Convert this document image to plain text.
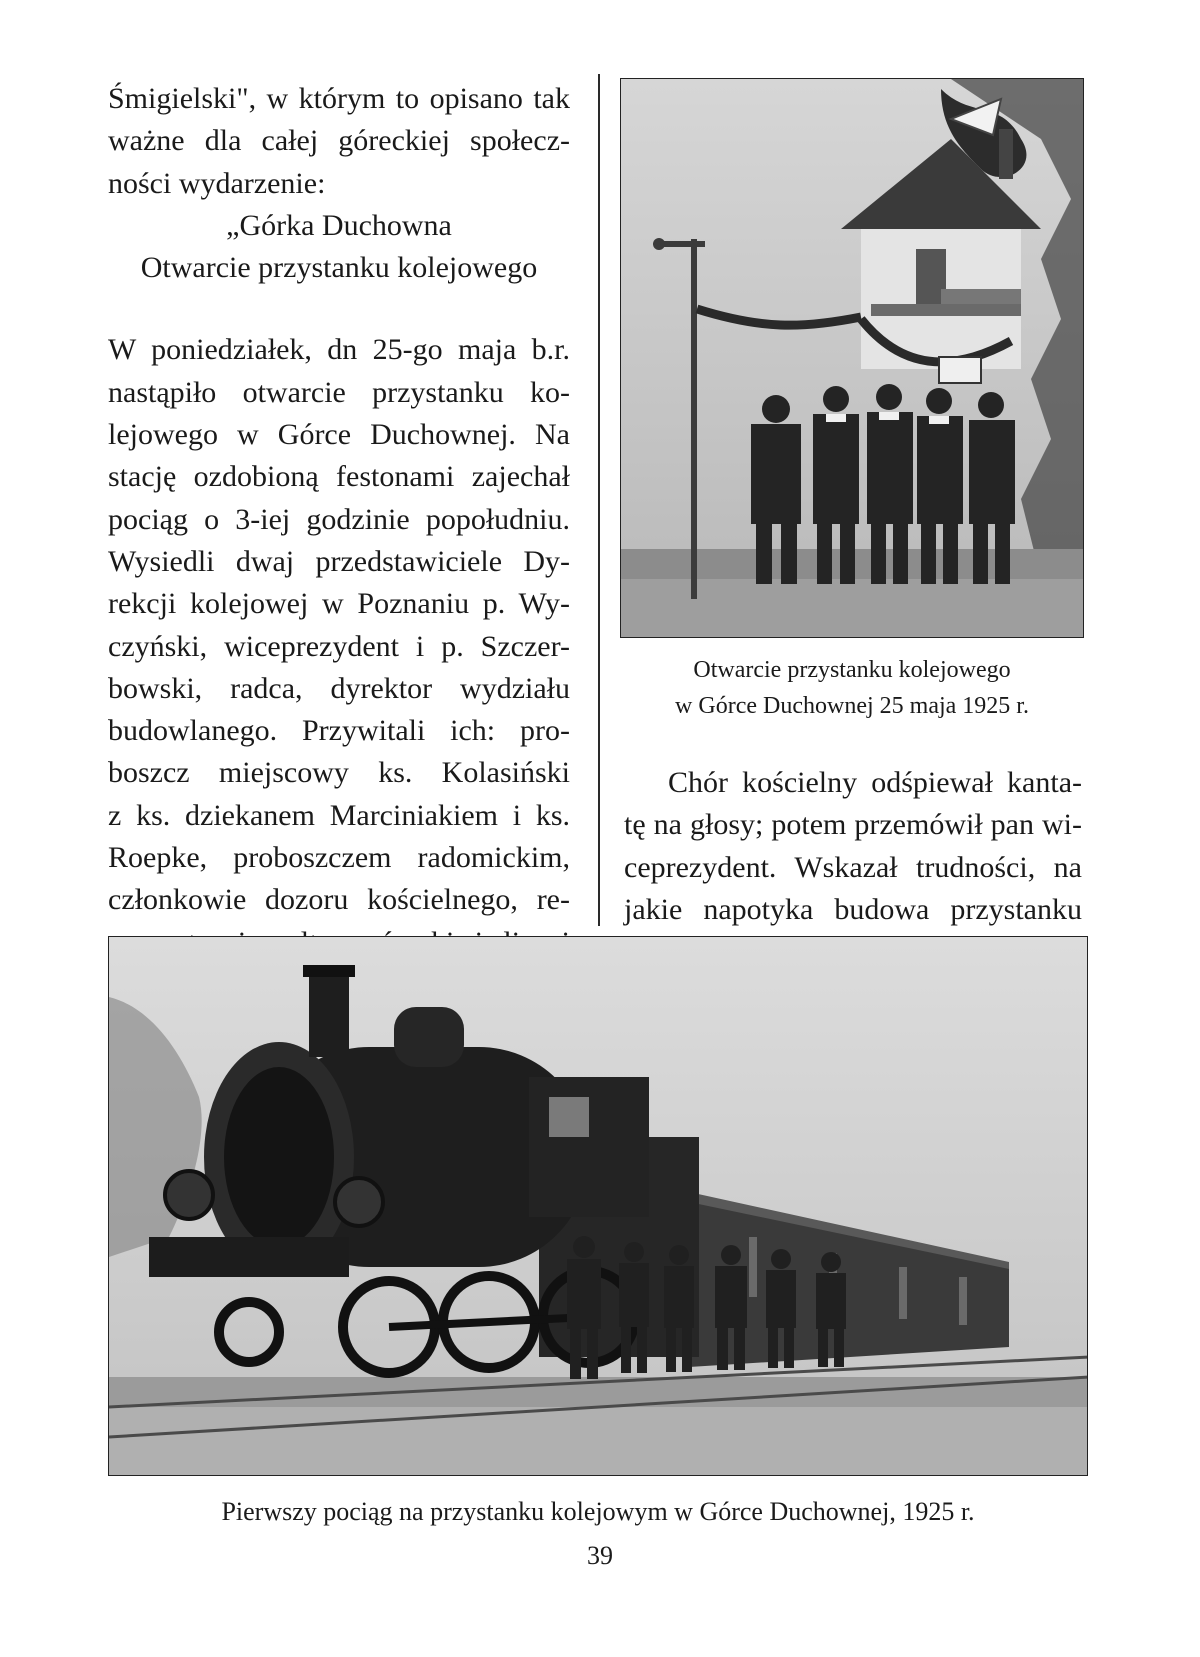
Śmigielski", w którym to opisano tak
ważne dla całej góreckiej społecz-
ności wydarzenie:

„Górka Duchowna
Otwarcie przystanku kolejowego

W poniedziałek, dn 25-go maja b.r.
nastąpiło otwarcie przystanku ko-
lejowego w Górce Duchownej. Na
stację ozdobioną festonami zajechał
pociąg o 3-iej godzinie popołudniu.
Wysiedli dwaj przedstawiciele Dy-
rekcji kolejowej w Poznaniu p. Wy-
czyński, wiceprezydent i p. Szczer-
bowski, radca, dyrektor wydziału
budowlanego. Przywitali ich: pro-
boszcz miejscowy ks. Kolasiński
z ks. dziekanem Marciniakiem i ks.
Roepke, proboszczem radomickim,
członkowie dozoru kościelnego, re-

Otwarcie przystanku kolejowego
w Górce Duchownej 25 maja 1925 r.

Chór kościelny odśpiewał kanta-
tę na głosy; potem przemówił pan wi-
ceprezydent. Wskazał trudności, na
jakie napotyka budowa przystanku

Pierwszy pociąg na przystanku kolejowym w Górce Duchownej, 1925 r.
39
